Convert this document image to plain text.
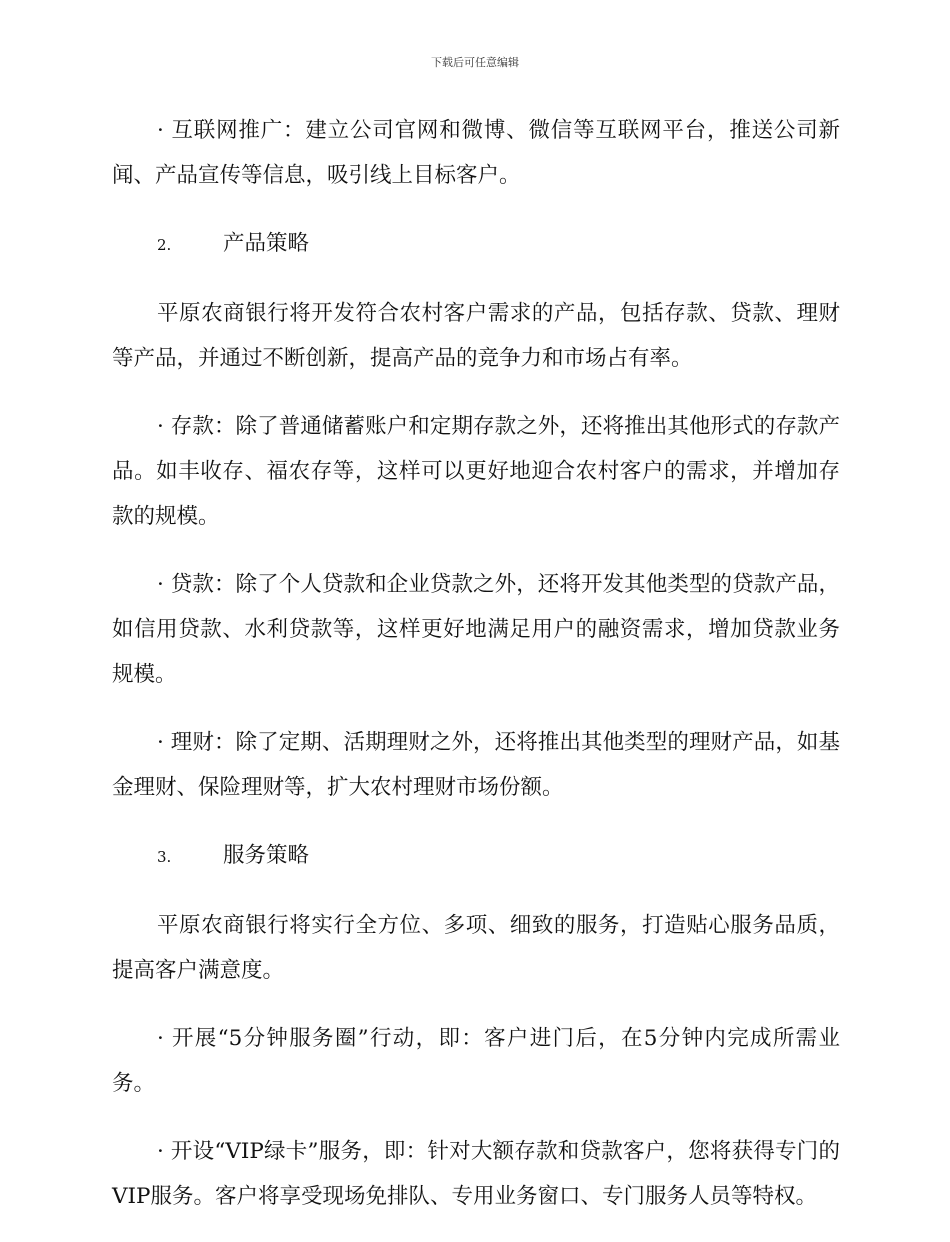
下载后可任意编辑

· 互联网推广：建立公司官网和微博、微信等互联网平台，推送公司新闻、产品宣传等信息，吸引线上目标客户。

2. 产品策略

平原农商银行将开发符合农村客户需求的产品，包括存款、贷款、理财等产品，并通过不断创新，提高产品的竞争力和市场占有率。

· 存款：除了普通储蓄账户和定期存款之外，还将推出其他形式的存款产品。如丰收存、福农存等，这样可以更好地迎合农村客户的需求，并增加存款的规模。

· 贷款：除了个人贷款和企业贷款之外，还将开发其他类型的贷款产品，如信用贷款、水利贷款等，这样更好地满足用户的融资需求，增加贷款业务规模。

· 理财：除了定期、活期理财之外，还将推出其他类型的理财产品，如基金理财、保险理财等，扩大农村理财市场份额。

3. 服务策略

平原农商银行将实行全方位、多项、细致的服务，打造贴心服务品质，提高客户满意度。

· 开展“5分钟服务圈”行动，即：客户进门后，在5分钟内完成所需业务。

· 开设“VIP绿卡”服务，即：针对大额存款和贷款客户，您将获得专门的VIP服务。客户将享受现场免排队、专用业务窗口、专门服务人员等特权。
